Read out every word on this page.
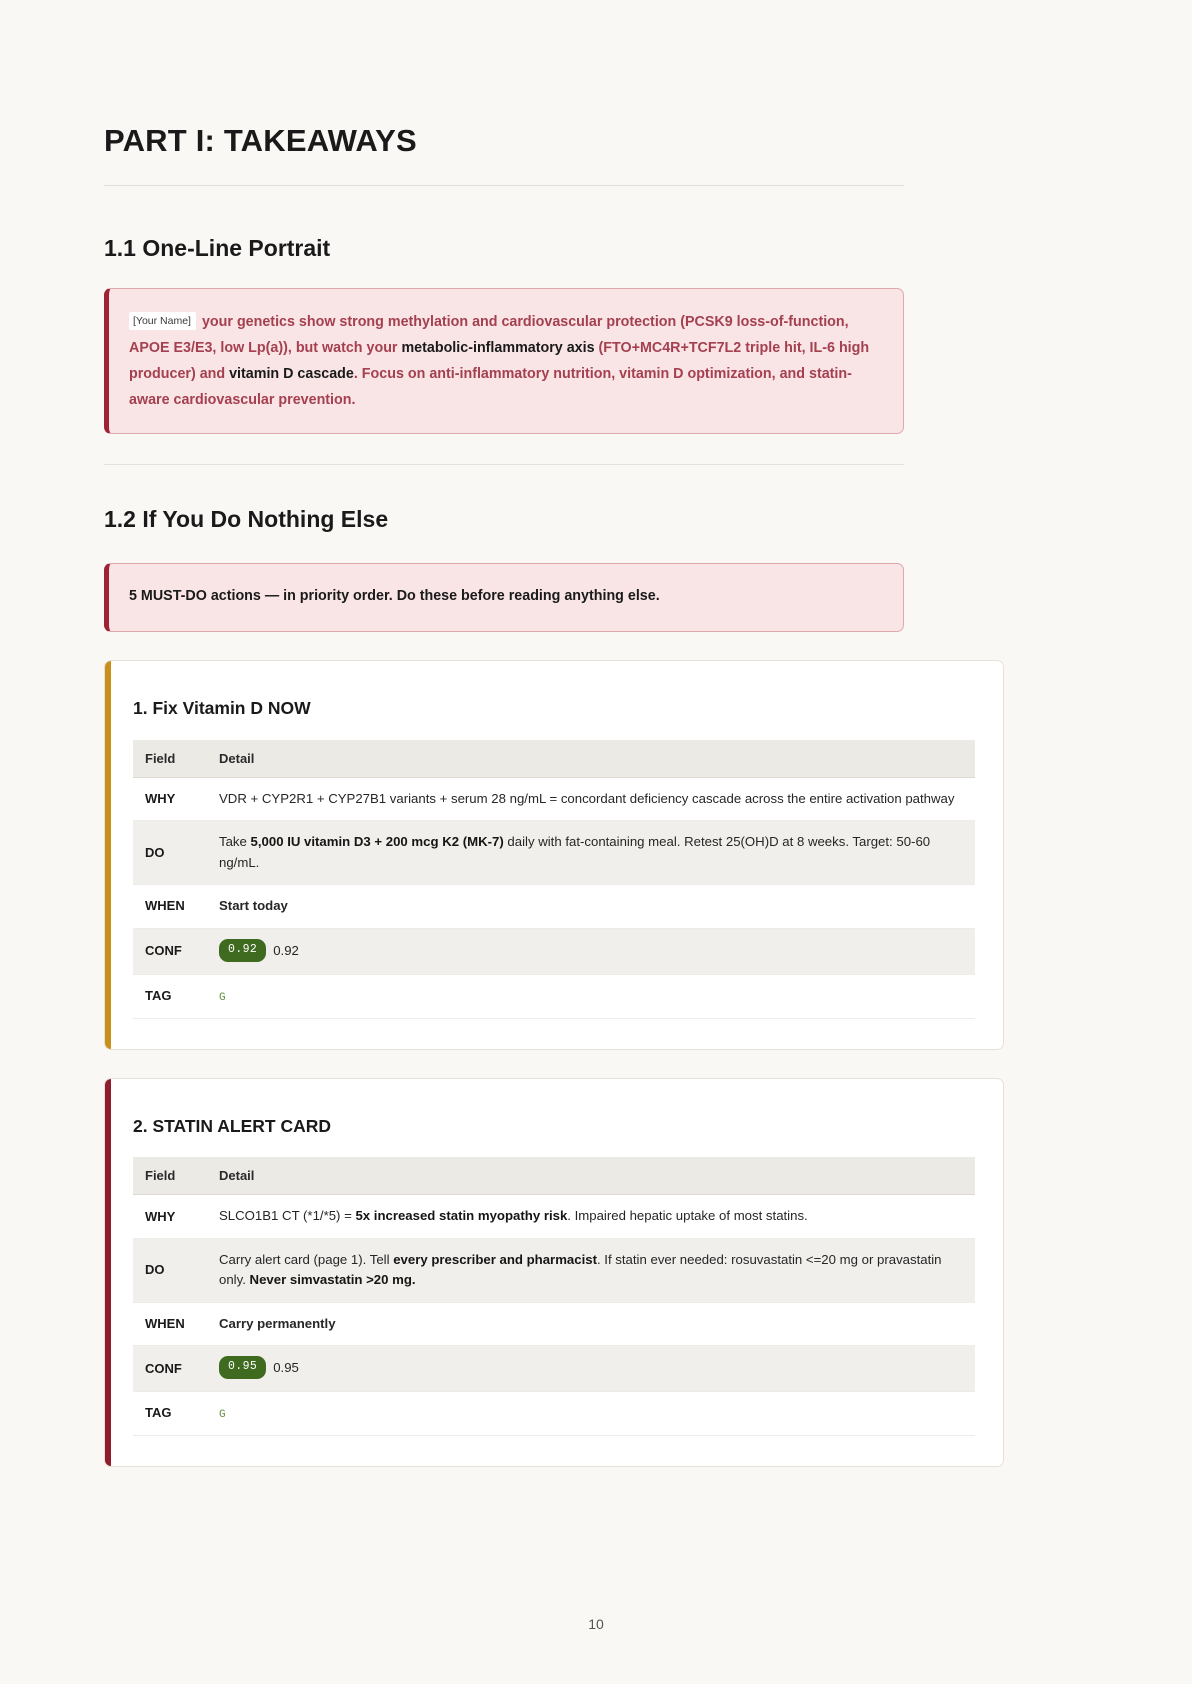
PART I: TAKEAWAYS
1.1 One-Line Portrait
[Your Name] your genetics show strong methylation and cardiovascular protection (PCSK9 loss-of-function, APOE E3/E3, low Lp(a)), but watch your metabolic-inflammatory axis (FTO+MC4R+TCF7L2 triple hit, IL-6 high producer) and vitamin D cascade. Focus on anti-inflammatory nutrition, vitamin D optimization, and statin-aware cardiovascular prevention.
1.2 If You Do Nothing Else
5 MUST-DO actions — in priority order. Do these before reading anything else.
1. Fix Vitamin D NOW
Field	Detail
WHY	VDR + CYP2R1 + CYP27B1 variants + serum 28 ng/mL = concordant deficiency cascade across the entire activation pathway
DO	Take 5,000 IU vitamin D3 + 200 mcg K2 (MK-7) daily with fat-containing meal. Retest 25(OH)D at 8 weeks. Target: 50-60 ng/mL.
WHEN	Start today
CONF	0.92 0.92
TAG	G
2. STATIN ALERT CARD
Field	Detail
WHY	SLCO1B1 CT (*1/*5) = 5x increased statin myopathy risk. Impaired hepatic uptake of most statins.
DO	Carry alert card (page 1). Tell every prescriber and pharmacist. If statin ever needed: rosuvastatin <=20 mg or pravastatin only. Never simvastatin >20 mg.
WHEN	Carry permanently
CONF	0.95 0.95
TAG	G
10
